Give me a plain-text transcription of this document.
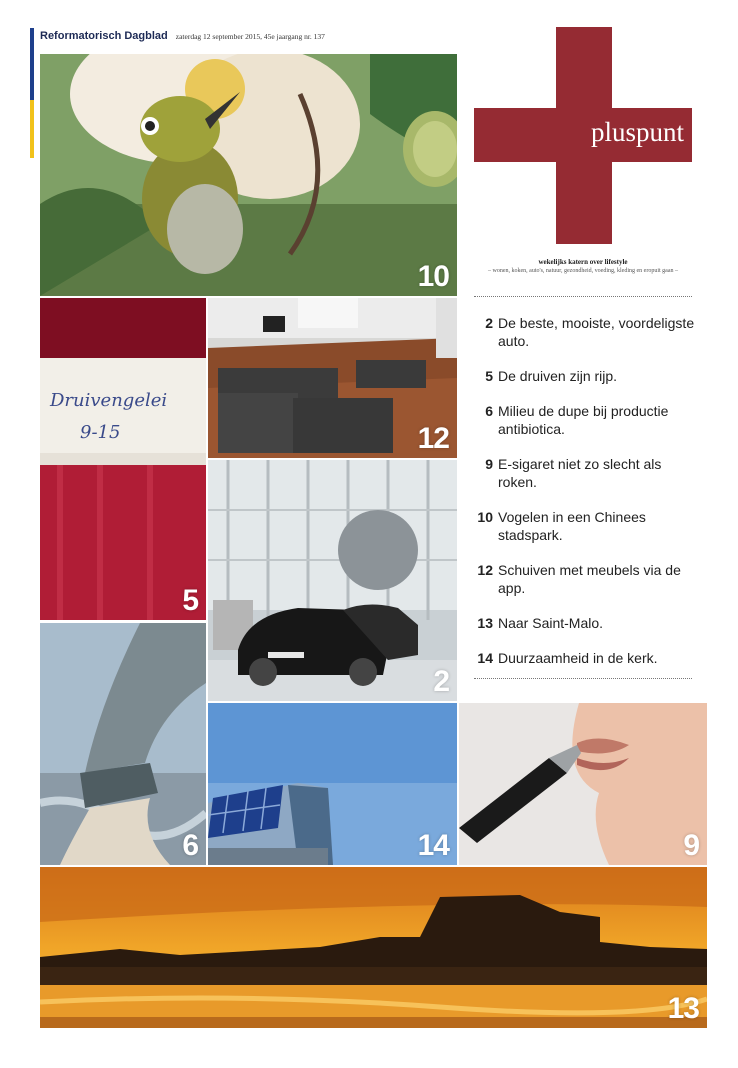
Reformatorisch Dagblad zaterdag 12 september 2015, 45e jaargang nr. 137
10
Druivengelei
9-15
5
12
2
6	14	9
13
pluspunt
wekelijks katern over lifestyle
– wonen, koken, auto's, natuur, gezondheid, voeding, kleding en eropuit gaan –
2 De beste, mooiste, voordeligste auto.
5 De druiven zijn rijp.
6 Milieu de dupe bij productie antibiotica.
9 E-sigaret niet zo slecht als roken.
10 Vogelen in een Chinees stadspark.
12 Schuiven met meubels via de app.
13 Naar Saint-Malo.
14 Duurzaamheid in de kerk.
